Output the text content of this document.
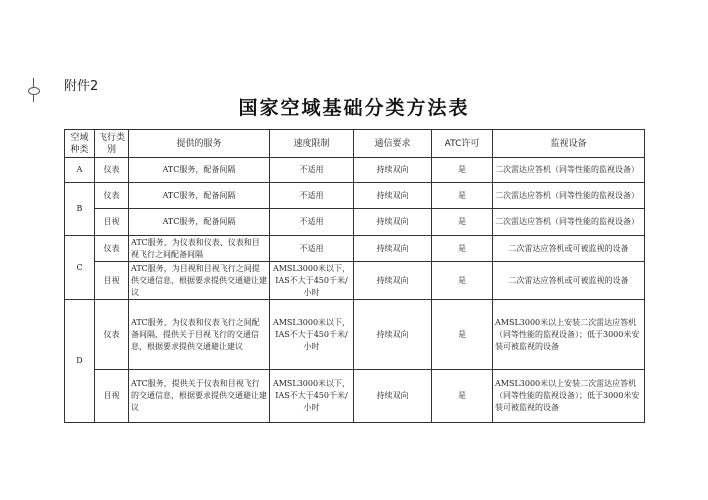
附件2
国家空域基础分类方法表
空域种类	飞行类别	提供的服务	速度限制	通信要求	ATC许可	监视设备
A	仪表	ATC服务，配备间隔	不适用	持续双向	是	二次雷达应答机（同等性能的监视设备）
B	仪表	ATC服务，配备间隔	不适用	持续双向	是	二次雷达应答机（同等性能的监视设备）
	目视	ATC服务，配备间隔	不适用	持续双向	是	二次雷达应答机（同等性能的监视设备）
C	仪表	ATC服务，为仪表和仪表、仪表和目视飞行之间配备间隔	不适用	持续双向	是	二次雷达应答机或可被监视的设备
	目视	ATC服务，为目视和目视飞行之间提供交通信息，根据要求提供交通避让建议	AMSL3000米以下，IAS不大于450千米/小时	持续双向	是	二次雷达应答机或可被监视的设备
D	仪表	ATC服务，为仪表和仪表飞行之间配备间隔，提供关于目视飞行的交通信息，根据要求提供交通避让建议	AMSL3000米以下，IAS不大于450千米/小时	持续双向	是	AMSL3000米以上安装二次雷达应答机（同等性能的监视设备）；低于3000米安装可被监视的设备
	目视	ATC服务，提供关于仪表和目视飞行的交通信息，根据要求提供交通避让建议	AMSL3000米以下，IAS不大于450千米/小时	持续双向	是	AMSL3000米以上安装二次雷达应答机（同等性能的监视设备）；低于3000米安装可被监视的设备
